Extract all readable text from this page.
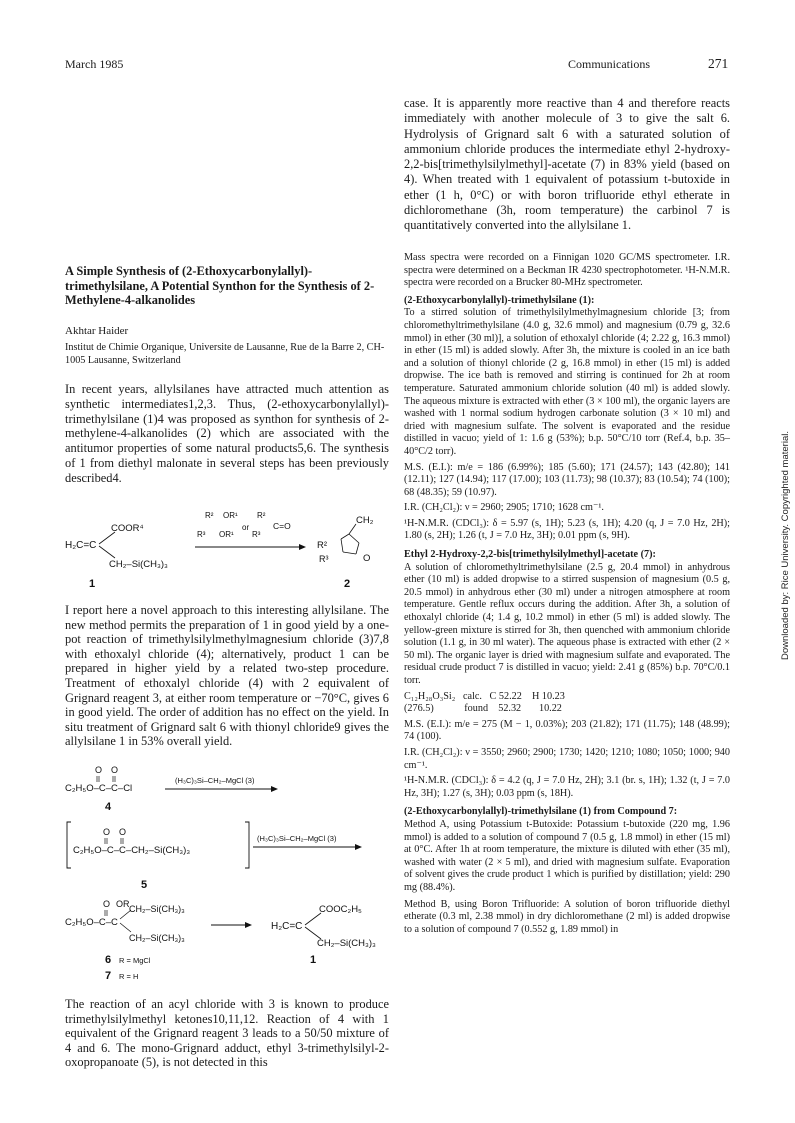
March 1985	Communications	271
Downloaded by: Rice University. Copyrighted material.
case. It is apparently more reactive than 4 and therefore reacts immediately with another molecule of 3 to give the salt 6. Hydrolysis of Grignard salt 6 with a saturated solution of ammonium chloride produces the intermediate ethyl 2-hydroxy-2,2-bis[trimethylsilylmethyl]-acetate (7) in 83% yield (based on 4). When treated with 1 equivalent of potassium t-butoxide in ether (1 h, 0°C) or with boron trifluoride ethyl etherate in dichloromethane (3h, room temperature) the carbinol 7 is quantitatively converted into the allylsilane 1.

A Simple Synthesis of (2-Ethoxycarbonylallyl)-trimethylsilane, A Potential Synthon for the Synthesis of 2-Methylene-4-alkanolides

Akhtar Haider

Institut de Chimie Organique, Universite de Lausanne, Rue de la Barre 2, CH-1005 Lausanne, Switzerland

In recent years, allylsilanes have attracted much attention as synthetic intermediates1,2,3. Thus, (2-ethoxycarbonylallyl)-trimethylsilane (1)4 was proposed as synthon for synthesis of 2-methylene-4-alkanolides (2) which are associated with the antitumor properties of some natural products5,6. The synthesis of 1 from diethyl malonate in several steps has been previously described4.

H₂C=C
COOR⁴
CH₂–Si(CH₃)₃
1
R² OR¹
R³ OR¹
or
R²
R³
C=O	CH₂
R²
R³	O
2
I report here a novel approach to this interesting allylsilane. The new method permits the preparation of 1 in good yield by a one-pot reaction of trimethylsilylmethylmagnesium chloride (3)7,8 with ethoxalyl chloride (4); alternatively, product 1 can be prepared in higher yield by a related two-step procedure. Treatment of ethoxalyl chloride (4) with 2 equivalent of Grignard reagent 3, at either room temperature or −70°C, gives 6 in good yield. The order of addition has no effect on the yield. In situ treatment of Grignard salt 6 with thionyl chloride9 gives the allylsilane 1 in 53% overall yield.
O O
C₂H₅O–C–C–Cl
(H₃C)₃Si–CH₂–MgCl (3)
4
O O
C₂H₅O–C–C–CH₂–Si(CH₃)₃
(H₃C)₃Si–CH₂–MgCl (3)
5
O OR
C₂H₅O–C–C
CH₂–Si(CH₃)₃
CH₂–Si(CH₃)₃
H₂C=C
COOC₂H₅
CH₂–Si(CH₃)₃
1
6 R = MgCl
7 R = H
The reaction of an acyl chloride with 3 is known to produce trimethylsilylmethyl ketones10,11,12. Reaction of 4 with 1 equivalent of the Grignard reagent 3 leads to a 50/50 mixture of 4 and 6. The mono-Grignard adduct, ethyl 3-trimethylsilyl-2-oxopropanoate (5), is not detected in this

Mass spectra were recorded on a Finnigan 1020 GC/MS spectrometer. I.R. spectra were determined on a Beckman IR 4230 spectrophotometer. ¹H-N.M.R. spectra were recorded on a Brucker 80-MHz spectrometer.

(2-Ethoxycarbonylallyl)-trimethylsilane (1):

To a stirred solution of trimethylsilylmethylmagnesium chloride [3; from chloromethyltrimethylsilane (4.0 g, 32.6 mmol) and magnesium (0.79 g, 32.6 mmol) in ether (30 ml)], a solution of ethoxalyl chloride (4; 2.22 g, 16.3 mmol) in ether (15 ml) is added slowly. After 3h, the mixture is cooled in an ice bath and a solution of thionyl chloride (2 g, 16.8 mmol) in ether (15 ml) is added dropwise. The ice bath is removed and stirring is continued for 2h at room temperature. Saturated ammonium chloride solution (40 ml) is added slowly. The aqueous mixture is extracted with ether (3 × 100 ml), the organic layers are washed with 1 normal sodium hydrogen carbonate solution (3 × 10 ml) and dried with magnesium sulfate. The solvent is evaporated and the residue distilled in vacuo; yield of 1: 1.6 g (53%); b.p. 50°C/10 torr (Ref.4, b.p. 35–40°C/2 torr).

M.S. (E.I.): m/e = 186 (6.99%); 185 (5.60); 171 (24.57); 143 (42.80); 141 (12.11); 127 (14.94); 117 (17.00); 103 (11.73); 98 (10.37); 83 (10.54); 74 (100); 68 (48.35); 59 (10.97).

I.R. (CH₂Cl₂): ν = 2960; 2905; 1710; 1628 cm⁻¹.

¹H-N.M.R. (CDCl₃): δ = 5.97 (s, 1H); 5.23 (s, 1H); 4.20 (q, J = 7.0 Hz, 2H); 1.80 (s, 2H); 1.26 (t, J = 7.0 Hz, 3H); 0.01 ppm (s, 9H).

Ethyl 2-Hydroxy-2,2-bis[trimethylsilylmethyl]-acetate (7):

A solution of chloromethyltrimethylsilane (2.5 g, 20.4 mmol) in anhydrous ether (10 ml) is added dropwise to a stirred suspension of magnesium (0.5 g, 20.5 mmol) in anhydrous ether (30 ml) under a nitrogen atmosphere at room temperature. Gentle reflux occurs during the addition. After 3h, a solution of ethoxalyl chloride (4; 1.4 g, 10.2 mmol) in ether (5 ml) is added slowly. The yellow-green mixture is stirred for 3h, then quenched with ammonium chloride solution (1.1 g, in 30 ml water). The aqueous phase is extracted with ether (2 × 50 ml). The organic layer is dried with magnesium sulfate and evaporated. The residual crude product 7 is distilled in vacuo; yield: 2.41 g (85%) b.p. 70°C/0.1 torr.

C₁₂H₂₈O₃Si₂   calc.   C 52.22    H 10.23

(276.5)            found    52.32       10.22

M.S. (E.I.): m/e = 275 (M − 1, 0.03%); 203 (21.82); 171 (11.75); 148 (48.99); 74 (100).

I.R. (CH₂Cl₂): ν = 3550; 2960; 2900; 1730; 1420; 1210; 1080; 1050; 1000; 940 cm⁻¹.

¹H-N.M.R. (CDCl₃): δ = 4.2 (q, J = 7.0 Hz, 2H); 3.1 (br. s, 1H); 1.32 (t, J = 7.0 Hz, 3H); 1.27 (s, 3H); 0.03 ppm (s, 18H).

(2-Ethoxycarbonylallyl)-trimethylsilane (1) from Compound 7:

Method A, using Potassium t-Butoxide: Potassium t-butoxide (220 mg, 1.96 mmol) is added to a solution of compound 7 (0.5 g, 1.8 mmol) in ether (15 ml) at 0°C. After 1h at room temperature, the mixture is diluted with ether (35 ml), washed with water (2 × 5 ml), and dried with magnesium sulfate. Evaporation of solvent gives the crude product 1 which is purified by distillation; yield: 290 mg (88.4%).

Method B, using Boron Trifluoride: A solution of boron trifluoride diethyl etherate (0.3 ml, 2.38 mmol) in dry dichloromethane (2 ml) is added dropwise to a solution of compound 7 (0.552 g, 1.89 mmol) in
